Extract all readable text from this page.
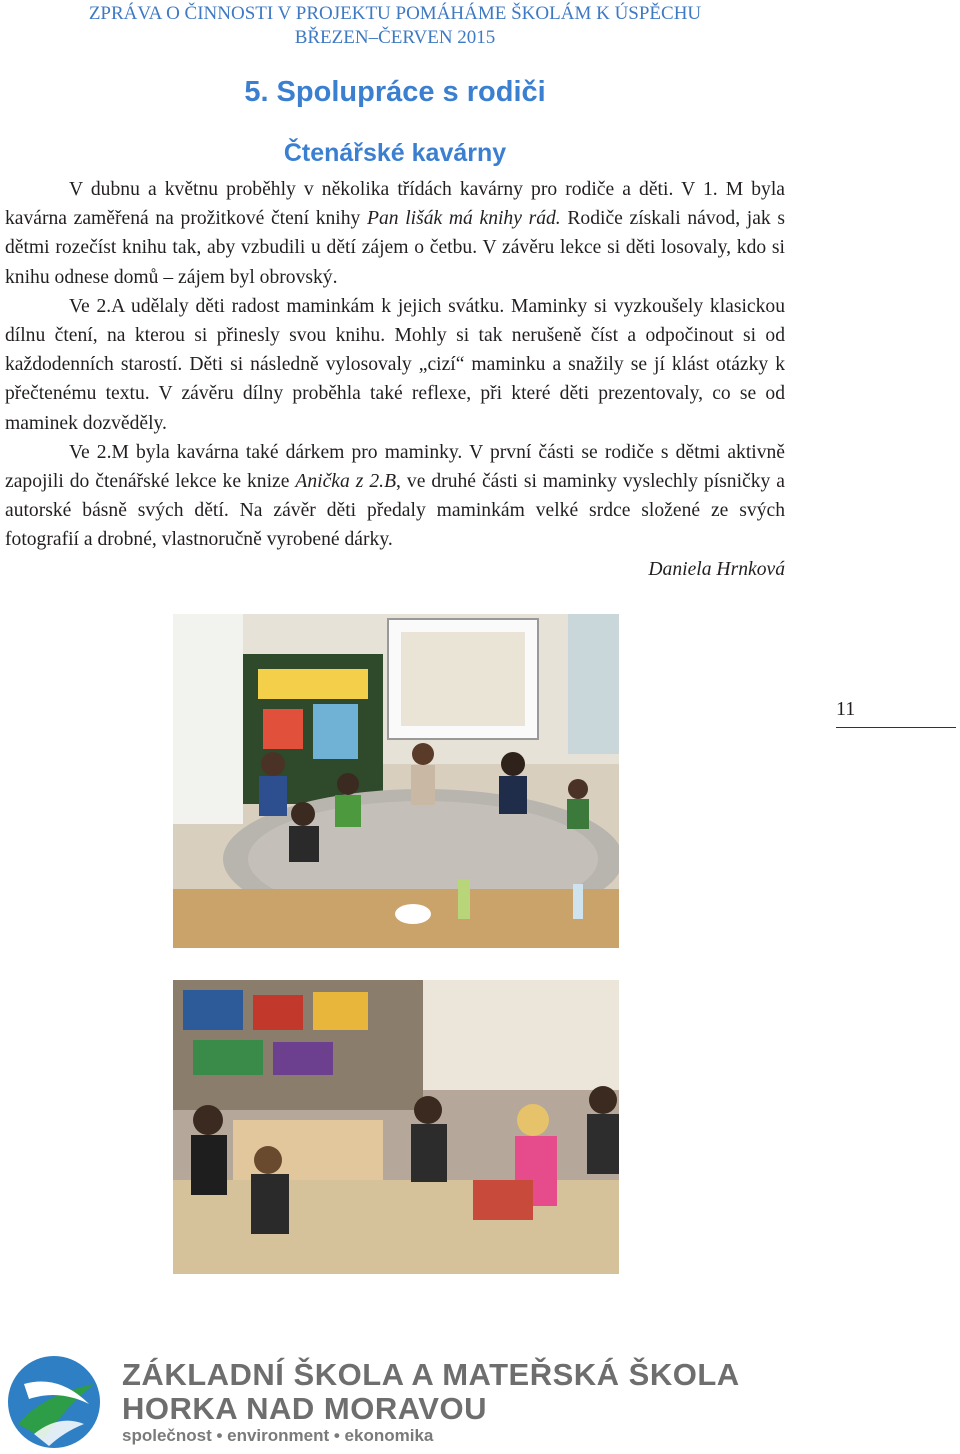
ZPRÁVA O ČINNOSTI V PROJEKTU POMÁHÁME ŠKOLÁM K ÚSPĚCHU
BŘEZEN–ČERVEN 2015
5. Spolupráce s rodiči
Čtenářské kavárny

V dubnu a květnu proběhly v několika třídách kavárny pro rodiče a děti. V 1. M byla kavárna zaměřená na prožitkové čtení knihy Pan lišák má knihy rád. Rodiče získali návod, jak s dětmi rozečíst knihu tak, aby vzbudili u dětí zájem o četbu. V závěru lekce si děti losovaly, kdo si knihu odnese domů – zájem byl obrovský.

Ve 2.A udělaly děti radost maminkám k jejich svátku. Maminky si vyzkoušely klasickou dílnu čtení, na kterou si přinesly svou knihu. Mohly si tak nerušeně číst a odpočinout si od každodenních starostí. Děti si následně vylosovaly „cizí“ maminku a snažily se jí klást otázky k přečtenému textu. V závěru dílny proběhla také reflexe, při které děti prezentovaly, co se od maminek dozvěděly.

Ve 2.M byla kavárna také dárkem pro maminky. V první části se rodiče s dětmi aktivně zapojili do čtenářské lekce ke knize Anička z 2.B, ve druhé části si maminky vyslechly písničky a autorské básně svých dětí. Na závěr děti předaly maminkám velké srdce složené ze svých fotografií a drobné, vlastnoručně vyrobené dárky.

Daniela Hrnková

11
ZÁKLADNÍ ŠKOLA A MATEŘSKÁ ŠKOLA
HORKA NAD MORAVOU
společnost • environment • ekonomika
